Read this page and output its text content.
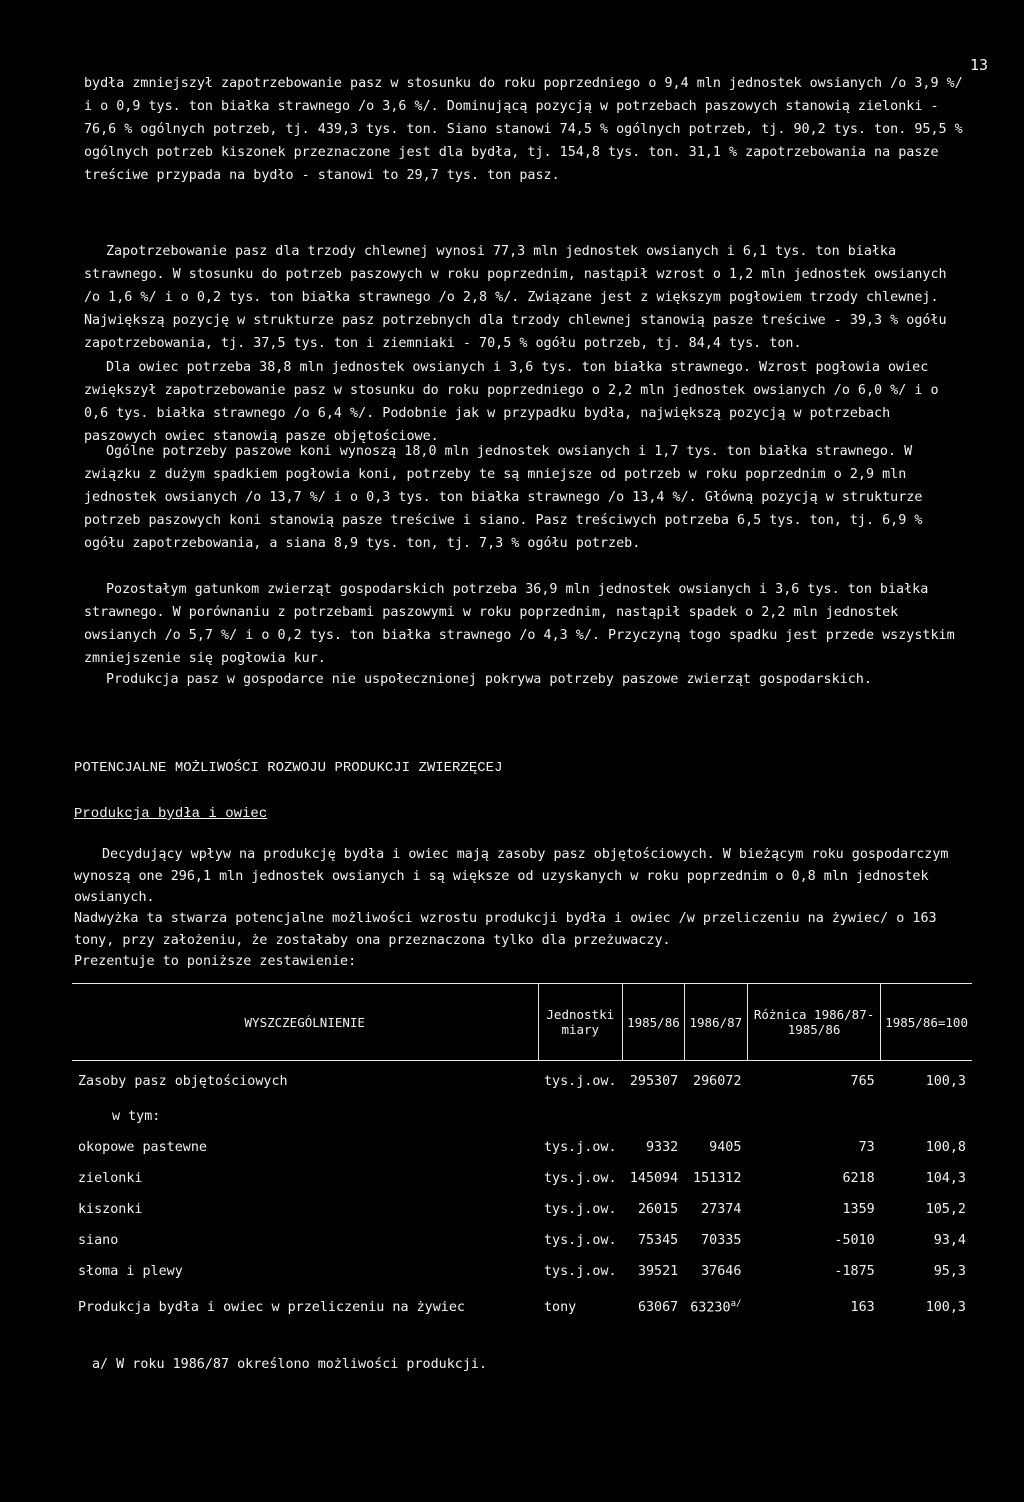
13

bydła zmniejszył zapotrzebowanie pasz w stosunku do roku poprzedniego o 9,4 mln jednostek owsianych /o 3,9 %/ i o 0,9 tys. ton białka strawnego /o 3,6 %/. Dominującą pozycją w potrzebach paszowych stanowią zielonki - 76,6 % ogólnych potrzeb, tj. 439,3 tys. ton. Siano stanowi 74,5 % ogólnych potrzeb, tj. 90,2 tys. ton. 95,5 % ogólnych potrzeb kiszonek przeznaczone jest dla bydła, tj. 154,8 tys. ton. 31,1 % zapotrzebowania na pasze treściwe przypada na bydło - stanowi to 29,7 tys. ton pasz.

Zapotrzebowanie pasz dla trzody chlewnej wynosi 77,3 mln jednostek owsianych i 6,1 tys. ton białka strawnego. W stosunku do potrzeb paszowych w roku poprzednim, nastąpił wzrost o 1,2 mln jednostek owsianych /o 1,6 %/ i o 0,2 tys. ton białka strawnego /o 2,8 %/. Związane jest z większym pogłowiem trzody chlewnej. Największą pozycję w strukturze pasz potrzebnych dla trzody chlewnej stanowią pasze treściwe - 39,3 % ogółu zapotrzebowania, tj. 37,5 tys. ton i ziemniaki - 70,5 % ogółu potrzeb, tj. 84,4 tys. ton.

Dla owiec potrzeba 38,8 mln jednostek owsianych i 3,6 tys. ton białka strawnego. Wzrost pogłowia owiec zwiększył zapotrzebowanie pasz w stosunku do roku poprzedniego o 2,2 mln jednostek owsianych /o 6,0 %/ i o 0,6 tys. białka strawnego /o 6,4 %/. Podobnie jak w przypadku bydła, największą pozycją w potrzebach paszowych owiec stanowią pasze objętościowe.

Ogólne potrzeby paszowe koni wynoszą 18,0 mln jednostek owsianych i 1,7 tys. ton białka strawnego. W związku z dużym spadkiem pogłowia koni, potrzeby te są mniejsze od potrzeb w roku poprzednim o 2,9 mln jednostek owsianych /o 13,7 %/ i o 0,3 tys. ton białka strawnego /o 13,4 %/. Główną pozycją w strukturze potrzeb paszowych koni stanowią pasze treściwe i siano. Pasz treściwych potrzeba 6,5 tys. ton, tj. 6,9 % ogółu zapotrzebowania, a siana 8,9 tys. ton, tj. 7,3 % ogółu potrzeb.

Pozostałym gatunkom zwierząt gospodarskich potrzeba 36,9 mln jednostek owsianych i 3,6 tys. ton białka strawnego. W porównaniu z potrzebami paszowymi w roku poprzednim, nastąpił spadek o 2,2 mln jednostek owsianych /o 5,7 %/ i o 0,2 tys. ton białka strawnego /o 4,3 %/. Przyczyną togo spadku jest przede wszystkim zmniejszenie się pogłowia kur.

Produkcja pasz w gospodarce nie uspołecznionej pokrywa potrzeby paszowe zwierząt gospodarskich.

POTENCJALNE MOŻLIWOŚCI ROZWOJU PRODUKCJI ZWIERZĘCEJ
Produkcja bydła i owiec

Decydujący wpływ na produkcję bydła i owiec mają zasoby pasz objętościowych. W bieżącym roku gospodarczym wynoszą one 296,1 mln jednostek owsianych i są większe od uzyskanych w roku poprzednim o 0,8 mln jednostek owsianych.

Nadwyżka ta stwarza potencjalne możliwości wzrostu produkcji bydła i owiec /w przeliczeniu na żywiec/ o 163 tony, przy założeniu, że zostałaby ona przeznaczona tylko dla przeżuwaczy.

Prezentuje to poniższe zestawienie:

WYSZCZEGÓLNIENIE	Jednostki miary	1985/86	1986/87	Różnica 1986/87-1985/86	1985/86=100
Zasoby pasz objętościowych	tys.j.ow.	295307	296072	765	100,3
w tym:					
okopowe pastewne	tys.j.ow.	9332	9405	73	100,8
zielonki	tys.j.ow.	145094	151312	6218	104,3
kiszonki	tys.j.ow.	26015	27374	1359	105,2
siano	tys.j.ow.	75345	70335	-5010	93,4
słoma i plewy	tys.j.ow.	39521	37646	-1875	95,3
Produkcja bydła i owiec w przeliczeniu na żywiec	tony	63067	$63230^{a/}$	163	100,3
a/ W roku 1986/87 określono możliwości produkcji.
